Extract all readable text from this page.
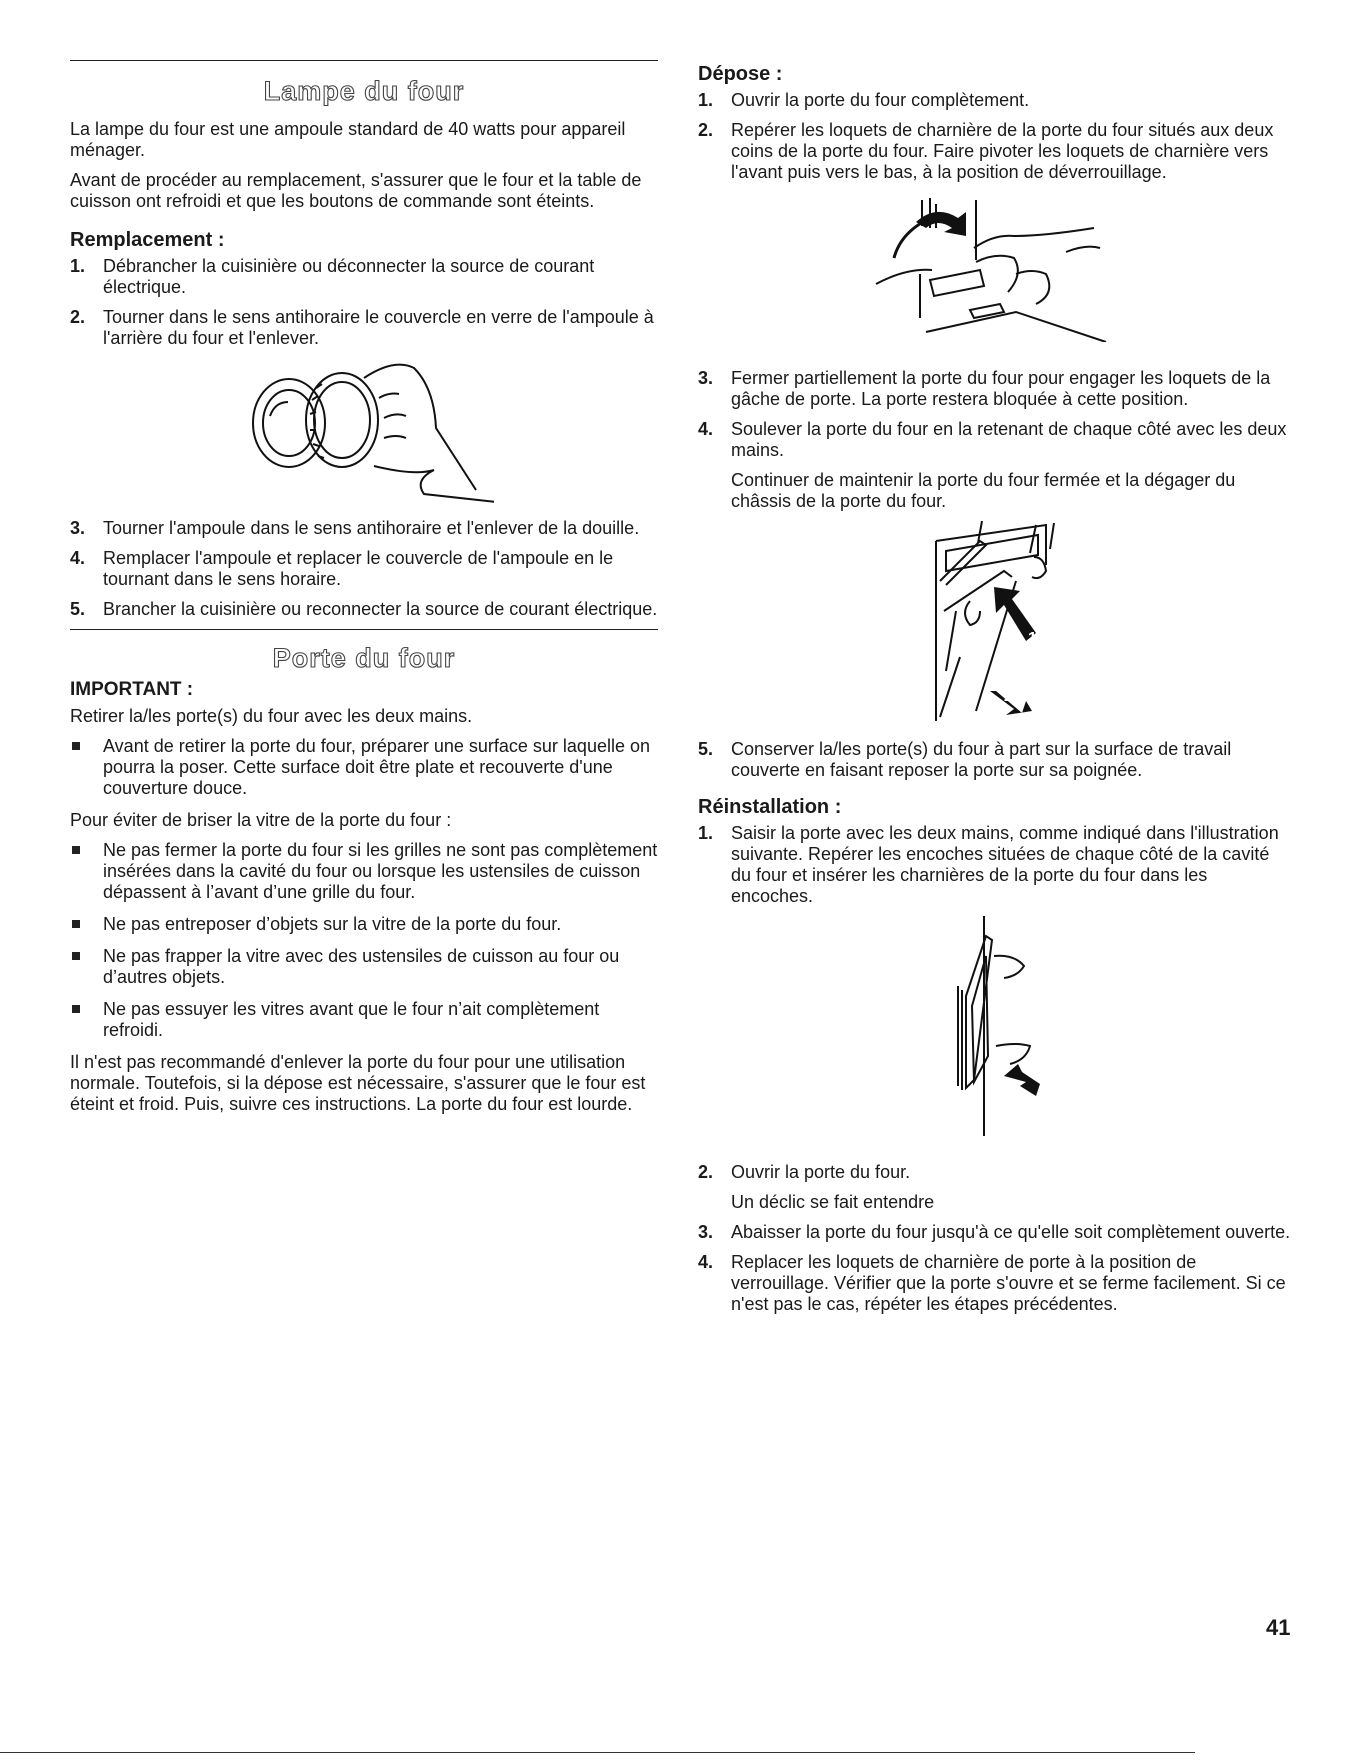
Lampe du four

La lampe du four est une ampoule standard de 40 watts pour appareil ménager.

Avant de procéder au remplacement, s'assurer que le four et la table de cuisson ont refroidi et que les boutons de commande sont éteints.

Remplacement :
1. Débrancher la cuisinière ou déconnecter la source de courant électrique.
2. Tourner dans le sens antihoraire le couvercle en verre de l'ampoule à l'arrière du four et l'enlever.
3. Tourner l'ampoule dans le sens antihoraire et l'enlever de la douille.
4. Remplacer l'ampoule et replacer le couvercle de l'ampoule en le tournant dans le sens horaire.
5. Brancher la cuisinière ou reconnecter la source de courant électrique.
Porte du four
IMPORTANT :

Retirer la/les porte(s) du four avec les deux mains.

Avant de retirer la porte du four, préparer une surface sur laquelle on pourra la poser. Cette surface doit être plate et recouverte d'une couverture douce.

Pour éviter de briser la vitre de la porte du four :

Ne pas fermer la porte du four si les grilles ne sont pas complètement insérées dans la cavité du four ou lorsque les ustensiles de cuisson dépassent à l’avant d’une grille du four.
Ne pas entreposer d’objets sur la vitre de la porte du four.
Ne pas frapper la vitre avec des ustensiles de cuisson au four ou d’autres objets.
Ne pas essuyer les vitres avant que le four n’ait complètement refroidi.

Il n'est pas recommandé d'enlever la porte du four pour une utilisation normale. Toutefois, si la dépose est nécessaire, s'assurer que le four est éteint et froid. Puis, suivre ces instructions. La porte du four est lourde.

Dépose :
1. Ouvrir la porte du four complètement.
2. Repérer les loquets de charnière de la porte du four situés aux deux coins de la porte du four. Faire pivoter les loquets de charnière vers l'avant puis vers le bas, à la position de déverrouillage.
3. Fermer partiellement la porte du four pour engager les loquets de la gâche de porte. La porte restera bloquée à cette position.
4. Soulever la porte du four en la retenant de chaque côté avec les deux mains.
Continuer de maintenir la porte du four fermée et la dégager du châssis de la porte du four.
1
2
5. Conserver la/les porte(s) du four à part sur la surface de travail couverte en faisant reposer la porte sur sa poignée.
Réinstallation :
1. Saisir la porte avec les deux mains, comme indiqué dans l'illustration suivante. Repérer les encoches situées de chaque côté de la cavité du four et insérer les charnières de la porte du four dans les encoches.
2. Ouvrir la porte du four.
Un déclic se fait entendre
3. Abaisser la porte du four jusqu'à ce qu'elle soit complètement ouverte.
4. Replacer les loquets de charnière de porte à la position de verrouillage. Vérifier que la porte s'ouvre et se ferme facilement. Si ce n'est pas le cas, répéter les étapes précédentes.
41
